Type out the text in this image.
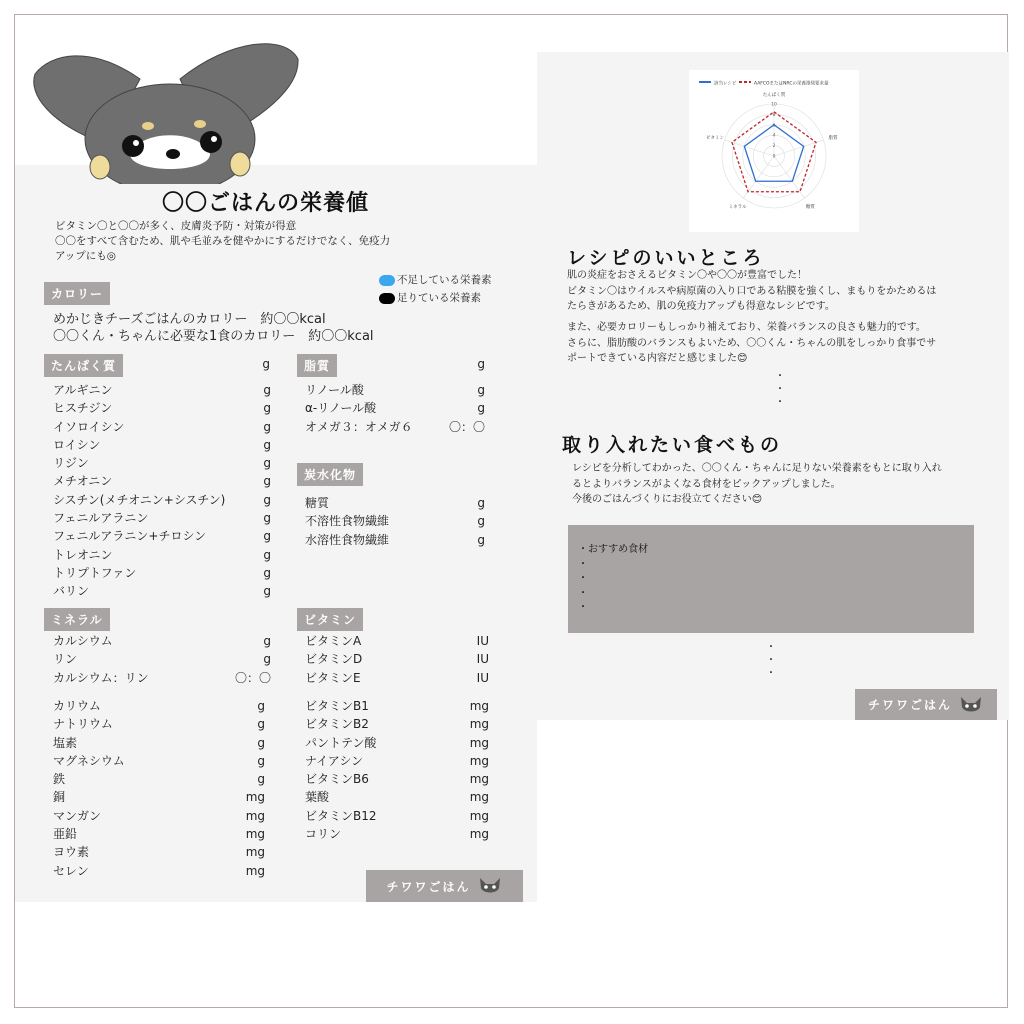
〇〇ごはんの栄養値
ビタミン〇と〇〇が多く、皮膚炎予防・対策が得意
〇〇をすべて含むため、肌や毛並みを健やかにするだけでなく、免疫力
アップにも◎
不足している栄養素
足りている栄養素
カロリー
めかじきチーズごはんのカロリー　約〇〇kcal
〇〇くん・ちゃんに必要な1食のカロリー　約〇〇kcal
たんぱく質	g
アルギニン	g
ヒスチジン	g
イソロイシン	g
ロイシン	g
リジン	g
メチオニン	g
シスチン(メチオニン+シスチン)	g
フェニルアラニン	g
フェニルアラニン+チロシン	g
トレオニン	g
トリプトファン	g
バリン	g
脂質	g
リノール酸	g
α-リノール酸	g
オメガ３：オメガ６	〇：〇
炭水化物
糖質	g
不溶性食物繊維	g
水溶性食物繊維	g
ミネラル
カルシウム	g
リン	g
カルシウム：リン	〇：〇
カリウム	g
ナトリウム	g
塩素	g
マグネシウム	g
鉄	g
銅	mg
マンガン	mg
亜鉛	mg
ヨウ素	mg
セレン	mg
ビタミン
ビタミンA	IU
ビタミンD	IU
ビタミンE	IU
ビタミンB1	mg
ビタミンB2	mg
パントテン酸	mg
ナイアシン	mg
ビタミンB6	mg
葉酸	mg
ビタミンB12	mg
コリン	mg
チワワごはん
該当レシピ	AAFCOまたはNRCの栄養推奨要求量
たんぱく質
脂質
糖質
ミネラル
ビタミン
10
8
6
4
2
0
レシピのいいところ
肌の炎症をおさえるビタミン〇や〇〇が豊富でした！
ビタミン〇はウイルスや病原菌の入り口である粘膜を強くし、まもりをかためるは
たらきがあるため、肌の免疫力アップも得意なレシピです。
また、必要カロリーもしっかり補えており、栄養バランスの良さも魅力的です。
さらに、脂肪酸のバランスもよいため、〇〇くん・ちゃんの肌をしっかり食事でサ
ポートできている内容だと感じました😊
・
・
・
取り入れたい食べもの
レシピを分析してわかった、〇〇くん・ちゃんに足りない栄養素をもとに取り入れ
るとよりバランスがよくなる食材をピックアップしました。
今後のごはんづくりにお役立てください😊
・おすすめ食材
・
・
・
・
・
・
・
チワワごはん
